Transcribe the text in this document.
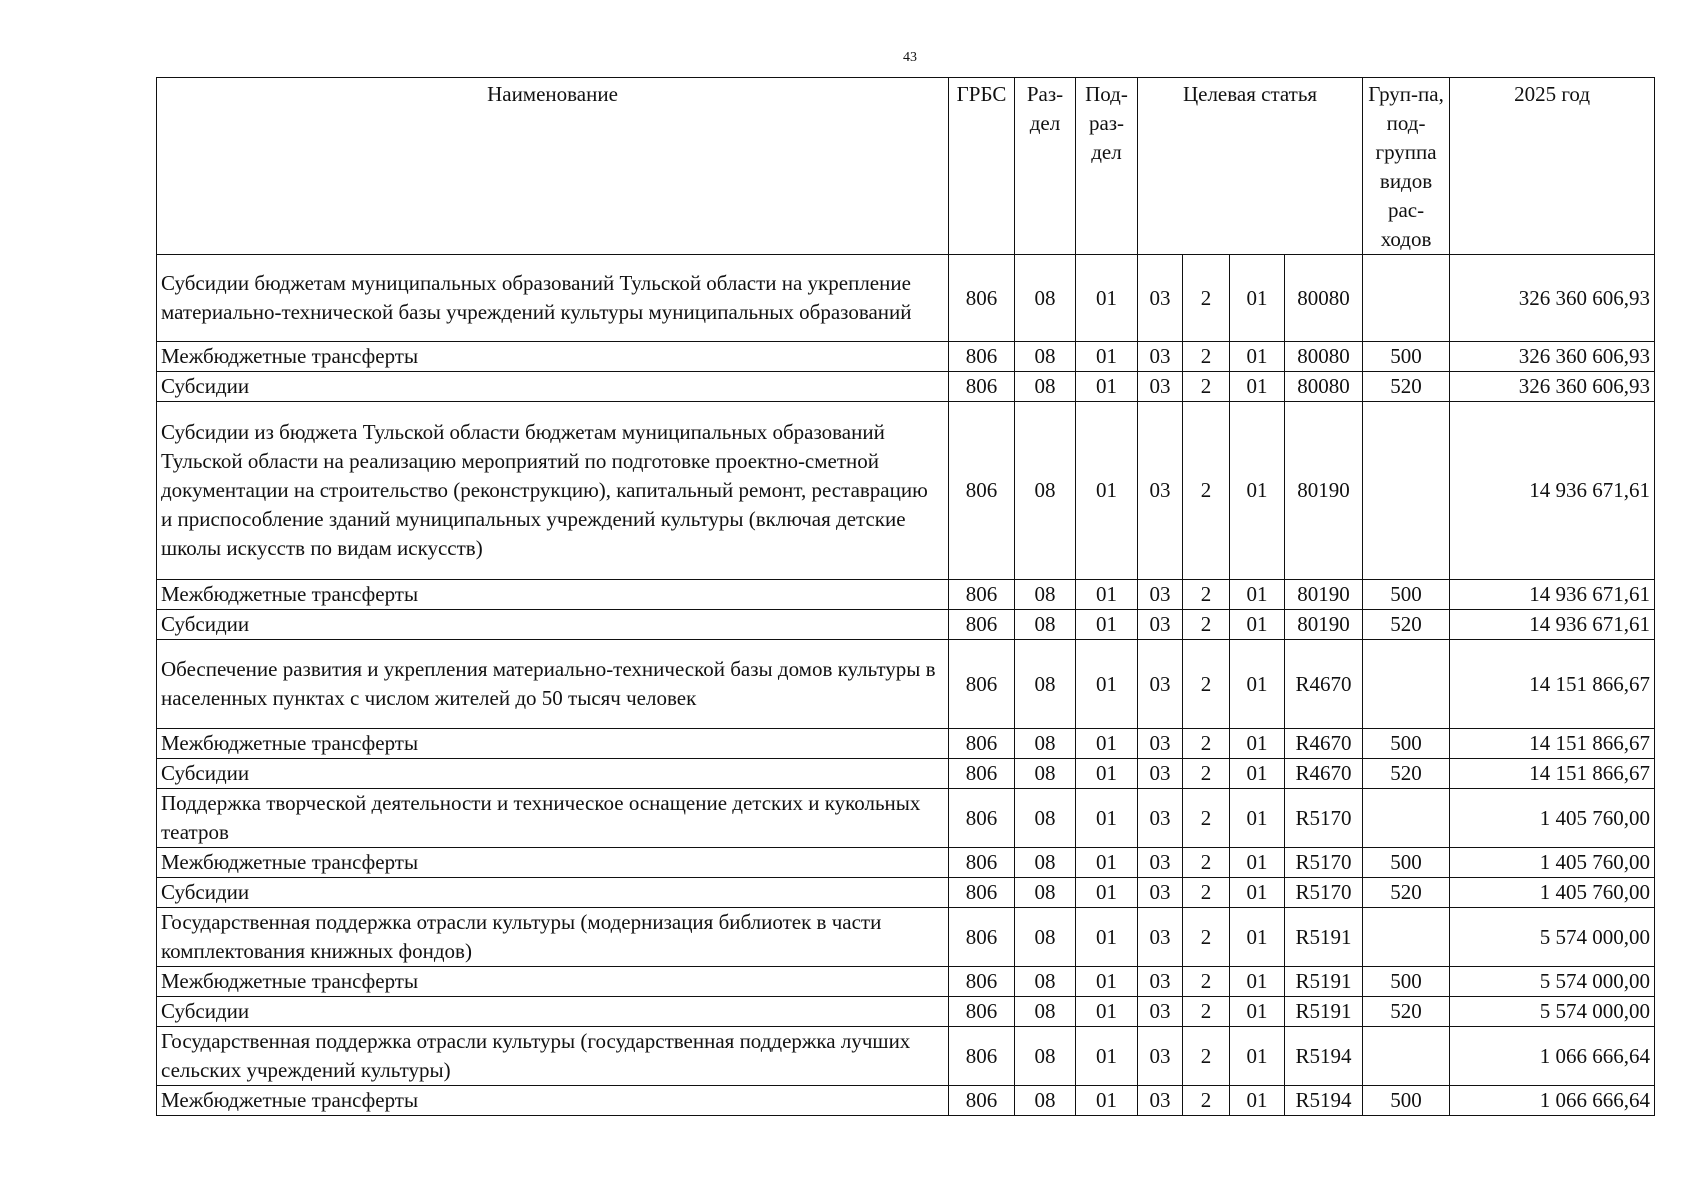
43
Наименование	ГРБС	Раз-дел	Под-раз-дел	Целевая статья				Груп-па, под-группа видов рас-ходов	2025 год
Субсидии бюджетам муниципальных образований Тульской области на укрепление материально-технической базы учреждений культуры муниципальных образований	806	08	01	03	2	01	80080		326 360 606,93
Межбюджетные трансферты	806	08	01	03	2	01	80080	500	326 360 606,93
Субсидии	806	08	01	03	2	01	80080	520	326 360 606,93
Субсидии из бюджета Тульской области бюджетам муниципальных образований Тульской области на реализацию мероприятий по подготовке проектно-сметной документации на строительство (реконструкцию), капитальный ремонт, реставрацию и приспособление зданий муниципальных учреждений культуры (включая детские школы искусств по видам искусств)	806	08	01	03	2	01	80190		14 936 671,61
Межбюджетные трансферты	806	08	01	03	2	01	80190	500	14 936 671,61
Субсидии	806	08	01	03	2	01	80190	520	14 936 671,61
Обеспечение развития и укрепления материально-технической базы домов культуры в населенных пунктах с числом жителей до 50 тысяч человек	806	08	01	03	2	01	R4670		14 151 866,67
Межбюджетные трансферты	806	08	01	03	2	01	R4670	500	14 151 866,67
Субсидии	806	08	01	03	2	01	R4670	520	14 151 866,67
Поддержка творческой деятельности и техническое оснащение детских и кукольных театров	806	08	01	03	2	01	R5170		1 405 760,00
Межбюджетные трансферты	806	08	01	03	2	01	R5170	500	1 405 760,00
Субсидии	806	08	01	03	2	01	R5170	520	1 405 760,00
Государственная поддержка отрасли культуры (модернизация библиотек в части комплектования книжных фондов)	806	08	01	03	2	01	R5191		5 574 000,00
Межбюджетные трансферты	806	08	01	03	2	01	R5191	500	5 574 000,00
Субсидии	806	08	01	03	2	01	R5191	520	5 574 000,00
Государственная поддержка отрасли культуры (государственная поддержка лучших сельских учреждений культуры)	806	08	01	03	2	01	R5194		1 066 666,64
Межбюджетные трансферты	806	08	01	03	2	01	R5194	500	1 066 666,64
